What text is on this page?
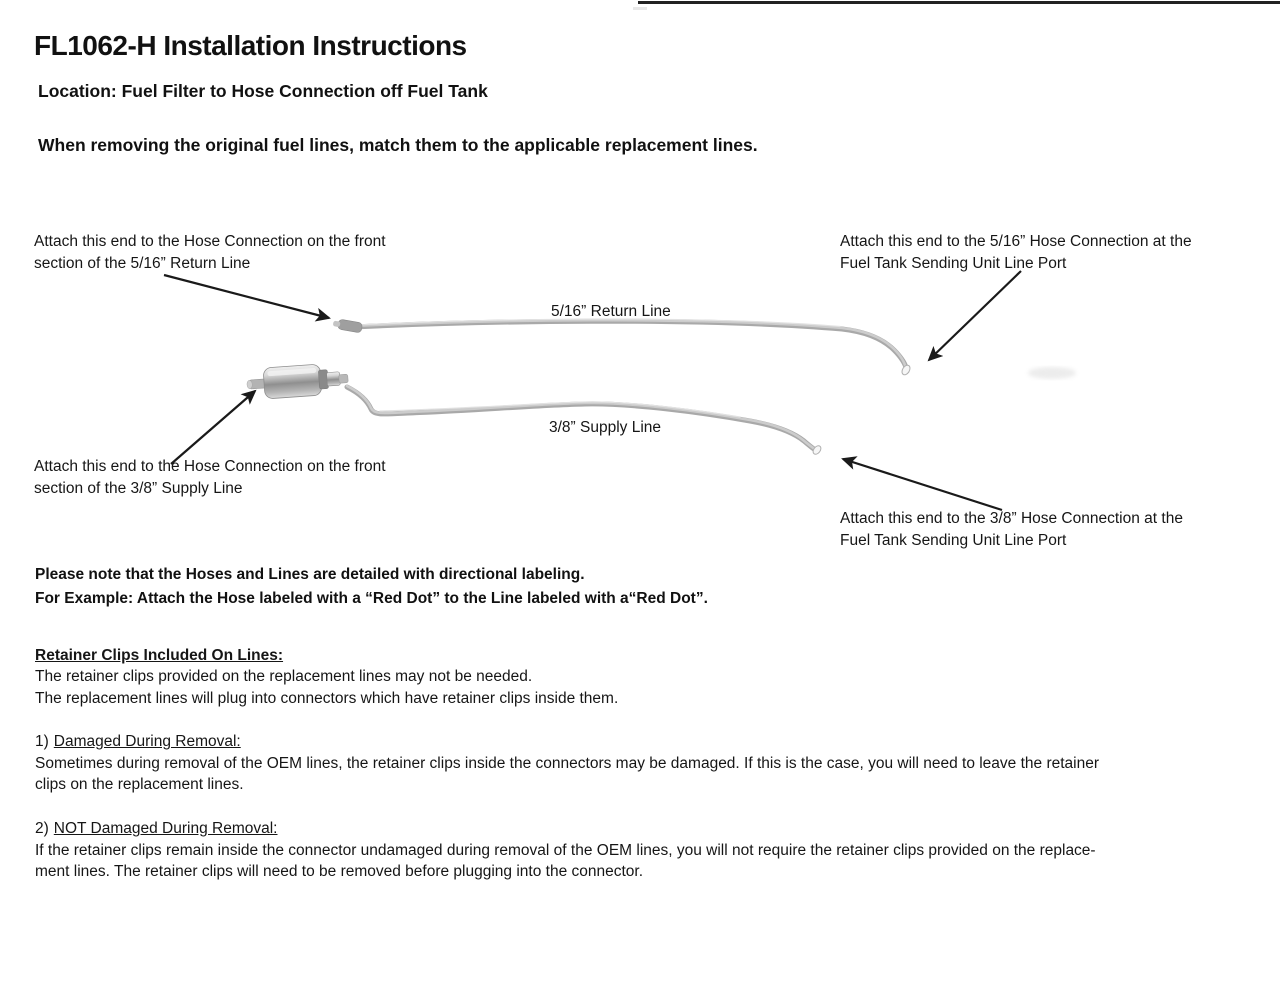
FL1062-H Installation Instructions
Location: Fuel Filter to Hose Connection off Fuel Tank
When removing the original fuel lines, match them to the applicable replacement lines.
Attach this end to the Hose Connection on the front
section of the 5/16” Return Line
Attach this end to the 5/16” Hose Connection at the
Fuel Tank Sending Unit Line Port
Attach this end to the Hose Connection on the front
section of the 3/8” Supply Line
Attach this end to the 3/8” Hose Connection at the
Fuel Tank Sending Unit Line Port
5/16” Return Line
3/8” Supply Line
Please note that the Hoses and Lines are detailed with directional labeling.
For Example: Attach the Hose labeled with a “Red Dot” to the Line labeled with a“Red Dot”.
Retainer Clips Included On Lines:
The retainer clips provided on the replacement lines may not be needed.
The replacement lines will plug into connectors which have retainer clips inside them.
1) Damaged During Removal:
Sometimes during removal of the OEM lines, the retainer clips inside the connectors may be damaged. If this is the case, you will need to leave the retainer
clips on the replacement lines.
2) NOT Damaged During Removal:
If the retainer clips remain inside the connector undamaged during removal of the OEM lines, you will not require the retainer clips provided on the replace-
ment lines. The retainer clips will need to be removed before plugging into the connector.
